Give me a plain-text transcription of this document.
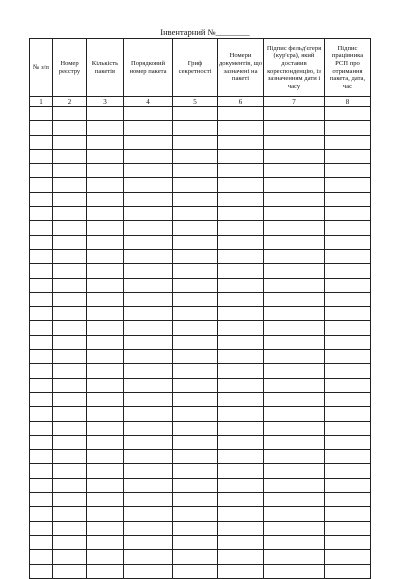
Інвентарний №________
№ з/п	Номер реєстру	Кількість пакетів	Порядковий номер пакета	Гриф секретності	Номери документів, що зазначені на пакеті	Підпис фельд'єгеря (кур'єра), який доставив кореспонденцію, із зазначенням дати і часу	Підпис працівника РСП про отримання пакета, дата, час
1	2	3	4	5	6	7	8
